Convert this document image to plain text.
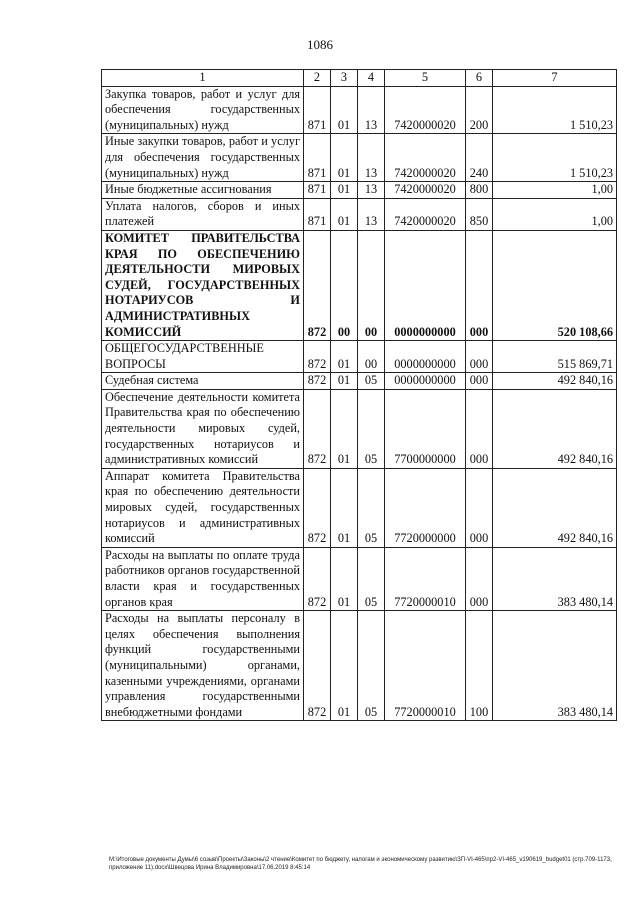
1086
1	2	3	4	5	6	7
Закупка товаров, работ и услуг для обеспечения государственных (муниципальных) нужд	871	01	13	7420000020	200	1 510,23
Иные закупки товаров, работ и услуг для обеспечения государственных (муниципальных) нужд	871	01	13	7420000020	240	1 510,23
Иные бюджетные ассигнования	871	01	13	7420000020	800	1,00
Уплата налогов, сборов и иных платежей	871	01	13	7420000020	850	1,00
КОМИТЕТ ПРАВИТЕЛЬСТВА КРАЯ ПО ОБЕСПЕЧЕНИЮ ДЕЯТЕЛЬНОСТИ МИРОВЫХ СУДЕЙ, ГОСУДАРСТВЕННЫХ НОТАРИУСОВ И АДМИНИСТРАТИВНЫХ КОМИССИЙ	872	00	00	0000000000	000	520 108,66
ОБЩЕГОСУДАРСТВЕННЫЕ ВОПРОСЫ	872	01	00	0000000000	000	515 869,71
Судебная система	872	01	05	0000000000	000	492 840,16
Обеспечение деятельности комитета Правительства края по обеспечению деятельности мировых судей, государственных нотариусов и административных комиссий	872	01	05	7700000000	000	492 840,16
Аппарат комитета Правительства края по обеспечению деятельности мировых судей, государственных нотариусов и административных комиссий	872	01	05	7720000000	000	492 840,16
Расходы на выплаты по оплате труда работников органов государственной власти края и государственных органов края	872	01	05	7720000010	000	383 480,14
Расходы на выплаты персоналу в целях обеспечения выполнения функций государственными (муниципальными) органами, казенными учреждениями, органами управления государственными внебюджетными фондами	872	01	05	7720000010	100	383 480,14
M:\Итоговые документы Думы\6 созыв\Проекты\Законы\2 чтение\Комитет по бюджету, налогам и экономическому развитию\ЗП-VI-465\пр2-VI-465_v190619_budget01 (стр.709-1173, приложение 11).docx\Швецова Ирина Владимировна\17.06.2019 8:45:14
